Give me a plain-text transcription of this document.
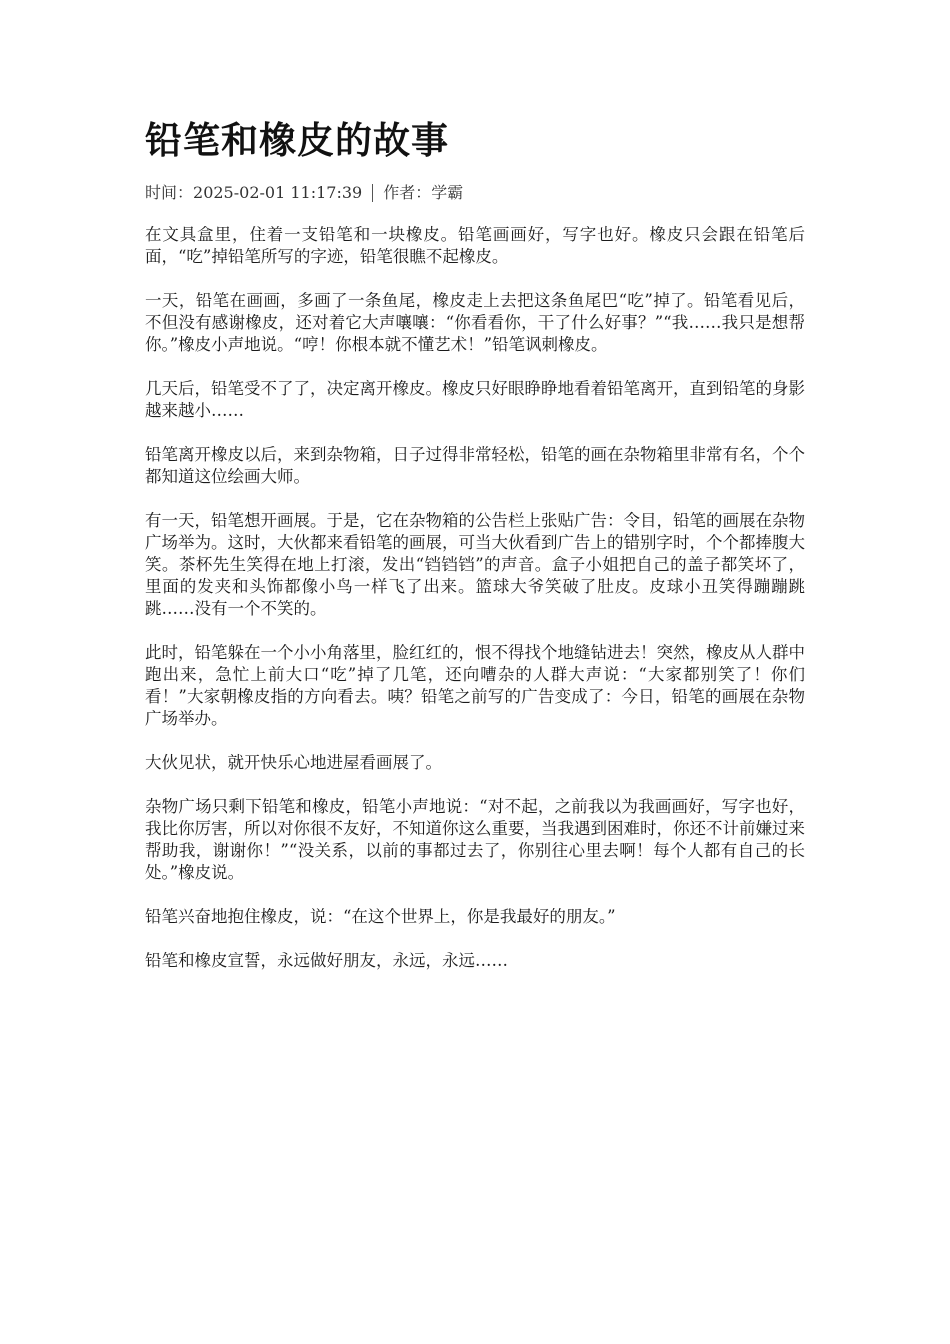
铅笔和橡皮的故事
时间： 2025-02-01 11:17:39 作者： 学霸

在文具盒里，住着一支铅笔和一块橡皮。铅笔画画好，写字也好。橡皮只会跟在铅笔后面，“吃”掉铅笔所写的字迹，铅笔很瞧不起橡皮。

一天，铅笔在画画，多画了一条鱼尾，橡皮走上去把这条鱼尾巴“吃”掉了。铅笔看见后，不但没有感谢橡皮，还对着它大声嚷嚷：“你看看你，干了什么好事？”“我……我只是想帮你。”橡皮小声地说。“哼！你根本就不懂艺术！”铅笔讽刺橡皮。

几天后，铅笔受不了了，决定离开橡皮。橡皮只好眼睁睁地看着铅笔离开，直到铅笔的身影越来越小……

铅笔离开橡皮以后，来到杂物箱，日子过得非常轻松，铅笔的画在杂物箱里非常有名，个个都知道这位绘画大师。

有一天，铅笔想开画展。于是，它在杂物箱的公告栏上张贴广告：令目，铅笔的画展在杂物广场举为。这时，大伙都来看铅笔的画展，可当大伙看到广告上的错别字时，个个都捧腹大笑。茶杯先生笑得在地上打滚，发出“铛铛铛”的声音。盒子小姐把自己的盖子都笑坏了，里面的发夹和头饰都像小鸟一样飞了出来。篮球大爷笑破了肚皮。皮球小丑笑得蹦蹦跳跳……没有一个不笑的。

此时，铅笔躲在一个小小角落里，脸红红的，恨不得找个地缝钻进去！突然，橡皮从人群中跑出来，急忙上前大口“吃”掉了几笔，还向嘈杂的人群大声说：“大家都别笑了！你们看！”大家朝橡皮指的方向看去。咦？铅笔之前写的广告变成了：今日，铅笔的画展在杂物广场举办。

大伙见状，就开快乐心地进屋看画展了。

杂物广场只剩下铅笔和橡皮，铅笔小声地说：“对不起，之前我以为我画画好，写字也好，我比你厉害，所以对你很不友好，不知道你这么重要，当我遇到困难时，你还不计前嫌过来帮助我，谢谢你！”“没关系，以前的事都过去了，你别往心里去啊！每个人都有自己的长处。”橡皮说。

铅笔兴奋地抱住橡皮，说：“在这个世界上，你是我最好的朋友。”

铅笔和橡皮宣誓，永远做好朋友，永远，永远……
